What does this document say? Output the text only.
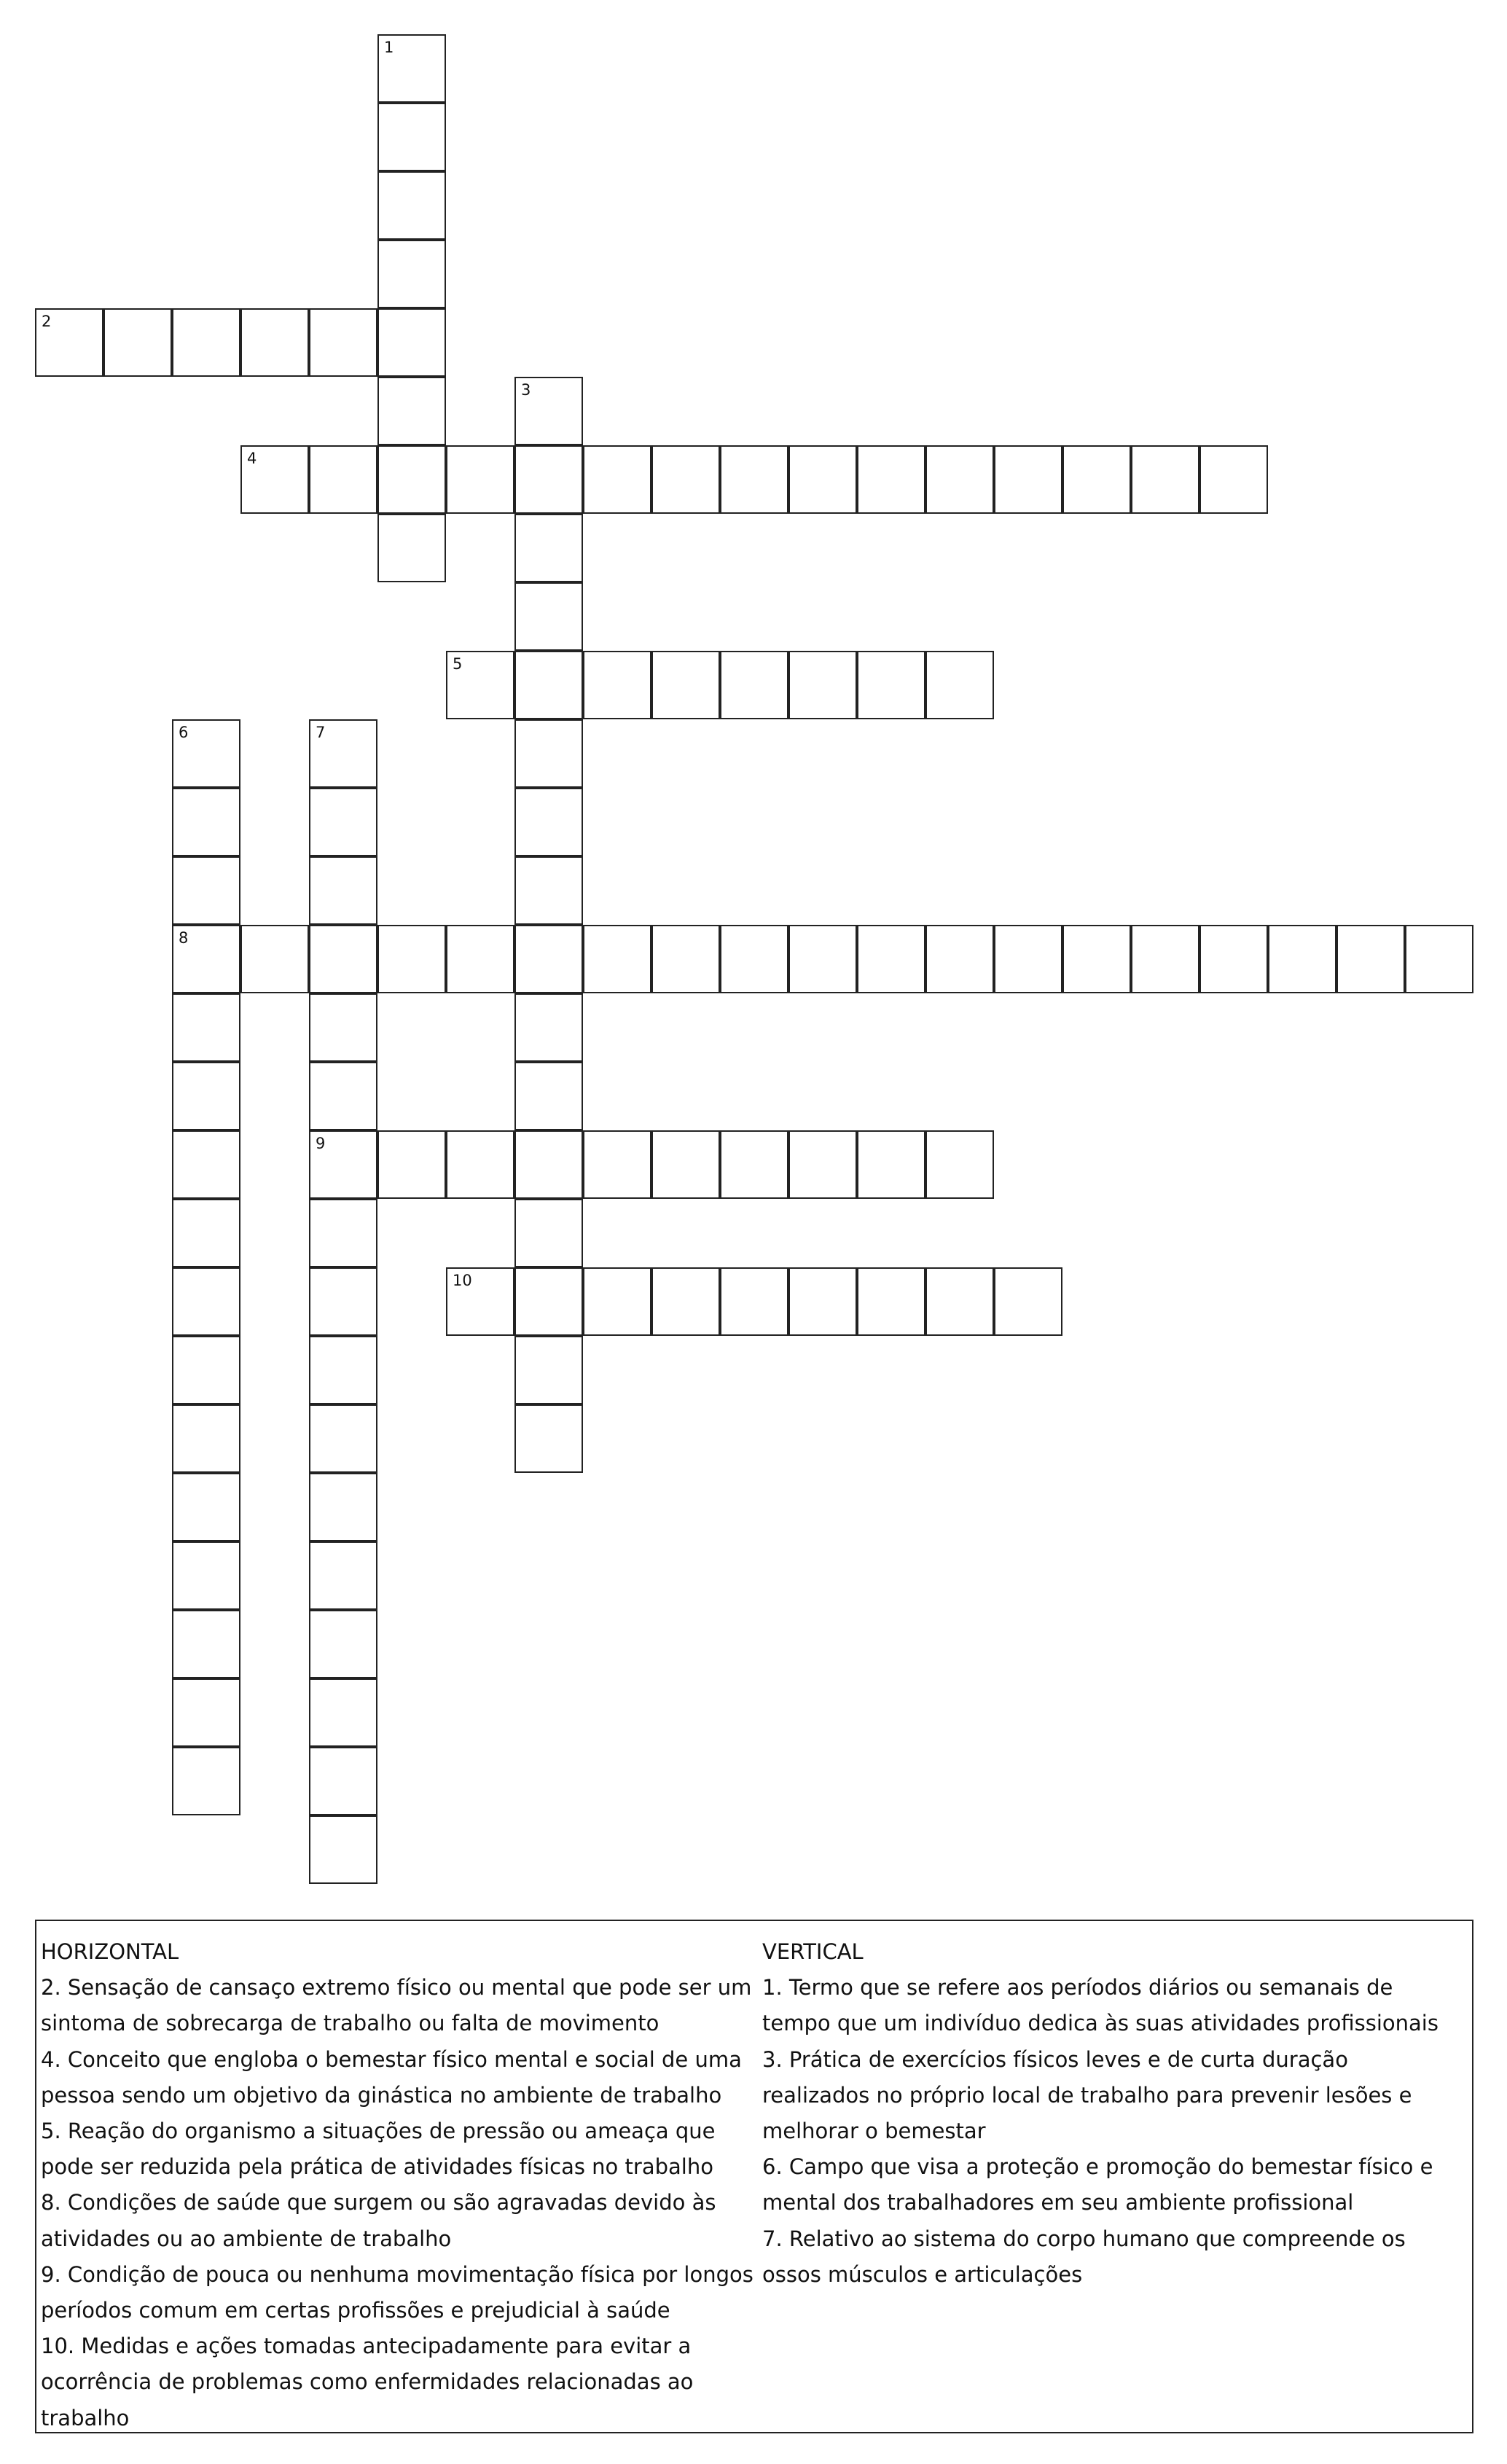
1
2
3
4
5
6
8
7
9
10
HORIZONTAL
2. Sensação de cansaço extremo físico ou mental que pode ser um sintoma de sobrecarga de trabalho ou falta de movimento
4. Conceito que engloba o bemestar físico mental e social de uma pessoa sendo um objetivo da ginástica no ambiente de trabalho
5. Reação do organismo a situações de pressão ou ameaça que pode ser reduzida pela prática de atividades físicas no trabalho
8. Condições de saúde que surgem ou são agravadas devido às atividades ou ao ambiente de trabalho
9. Condição de pouca ou nenhuma movimentação física por longos períodos comum em certas profissões e prejudicial à saúde
10. Medidas e ações tomadas antecipadamente para evitar a ocorrência de problemas como enfermidades relacionadas ao trabalho
VERTICAL
1. Termo que se refere aos períodos diários ou semanais de tempo que um indivíduo dedica às suas atividades profissionais
3. Prática de exercícios físicos leves e de curta duração realizados no próprio local de trabalho para prevenir lesões e melhorar o bemestar
6. Campo que visa a proteção e promoção do bemestar físico e mental dos trabalhadores em seu ambiente profissional
7. Relativo ao sistema do corpo humano que compreende os ossos músculos e articulações
